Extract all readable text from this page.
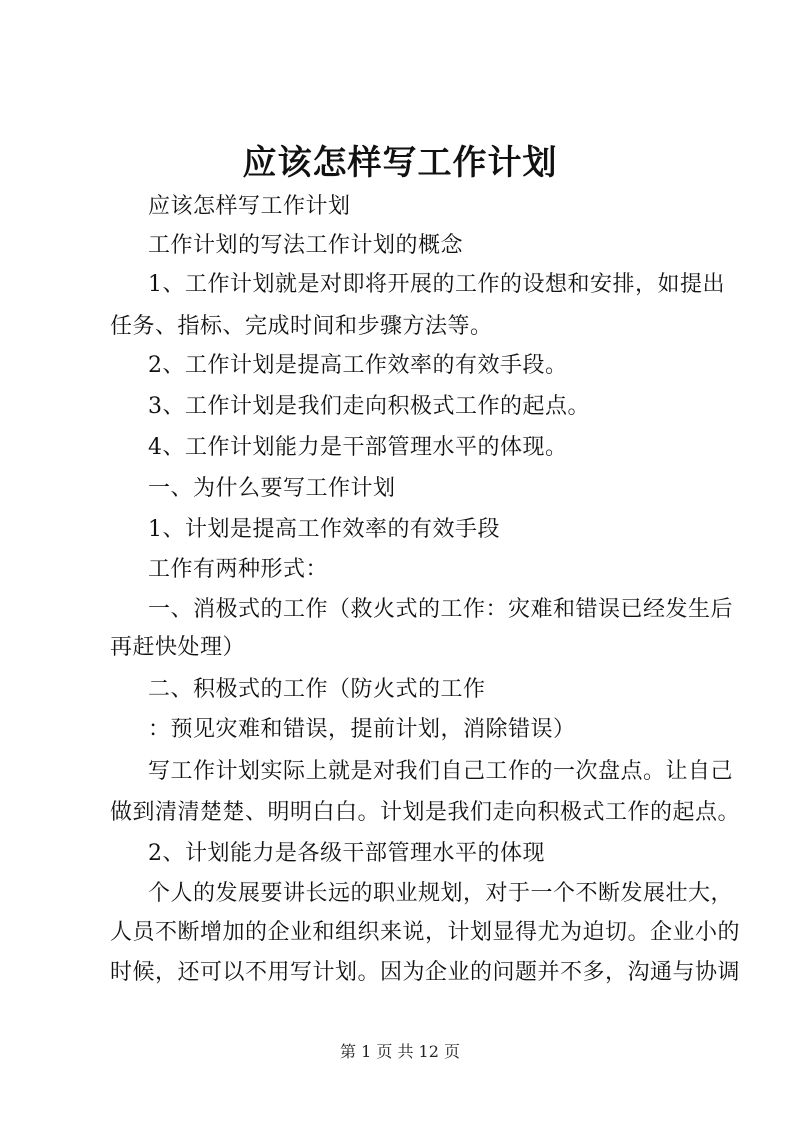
应该怎样写工作计划
应该怎样写工作计划
工作计划的写法工作计划的概念
1、工作计划就是对即将开展的工作的设想和安排，如提出
任务、指标、完成时间和步骤方法等。
2、工作计划是提高工作效率的有效手段。
3、工作计划是我们走向积极式工作的起点。
4、工作计划能力是干部管理水平的体现。
一、为什么要写工作计划
1、计划是提高工作效率的有效手段
工作有两种形式：
一、消极式的工作（救火式的工作：灾难和错误已经发生后
再赶快处理）
二、积极式的工作（防火式的工作
：预见灾难和错误，提前计划，消除错误）
写工作计划实际上就是对我们自己工作的一次盘点。让自己
做到清清楚楚、明明白白。计划是我们走向积极式工作的起点。
2、计划能力是各级干部管理水平的体现
个人的发展要讲长远的职业规划，对于一个不断发展壮大，
人员不断增加的企业和组织来说，计划显得尤为迫切。企业小的
时候，还可以不用写计划。因为企业的问题并不多，沟通与协调
第 1 页 共 12 页
